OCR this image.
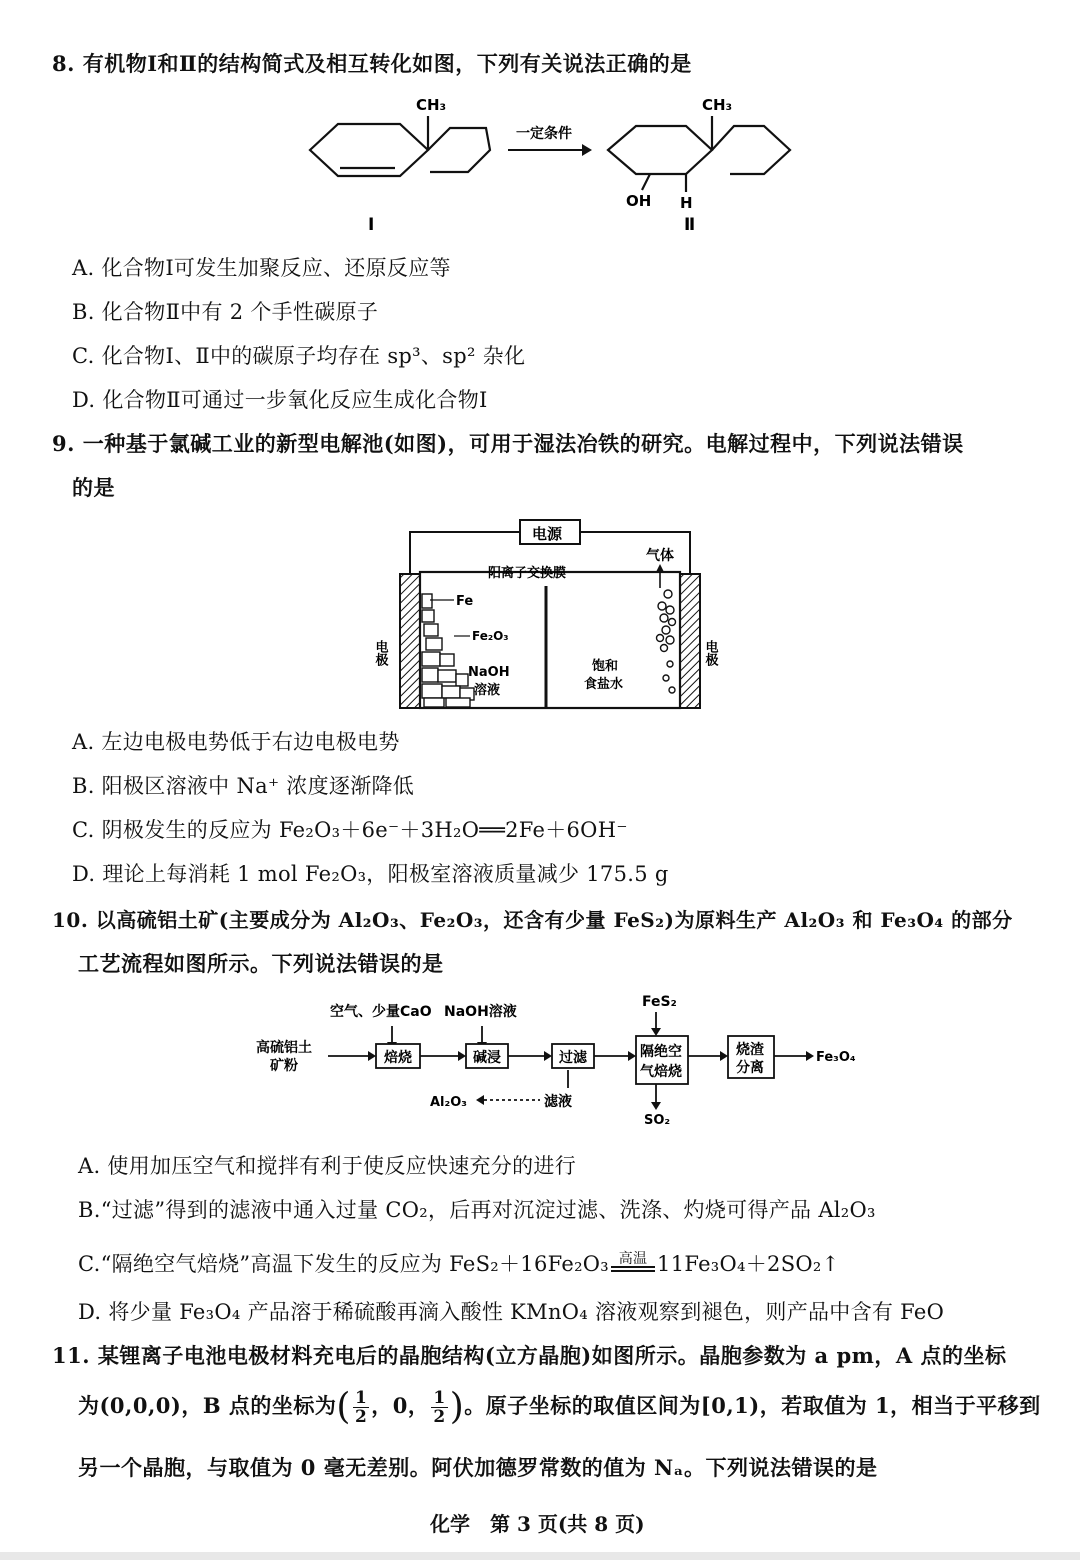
8. 有机物Ⅰ和Ⅱ的结构简式及相互转化如图，下列有关说法正确的是
CH₃
一定条件
CH₃
OH H
Ⅰ	Ⅱ
A. 化合物Ⅰ可发生加聚反应、还原反应等
B. 化合物Ⅱ中有 2 个手性碳原子
C. 化合物Ⅰ、Ⅱ中的碳原子均存在 sp³、sp² 杂化
D. 化合物Ⅱ可通过一步氧化反应生成化合物Ⅰ
9. 一种基于氯碱工业的新型电解池(如图)，可用于湿法冶铁的研究。电解过程中，下列说法错误
的是
电源
阳离子交换膜
气体
Fe
Fe₂O₃
NaOH
溶液
饱和
食盐水
电极	电极
A. 左边电极电势低于右边电极电势
B. 阳极区溶液中 Na⁺ 浓度逐渐降低
C. 阴极发生的反应为 Fe₂O₃＋6e⁻＋3H₂O══2Fe＋6OH⁻
D. 理论上每消耗 1 mol Fe₂O₃，阳极室溶液质量减少 175.5 g
10. 以高硫铝土矿(主要成分为 Al₂O₃、Fe₂O₃，还含有少量 FeS₂)为原料生产 Al₂O₃ 和 Fe₃O₄ 的部分
工艺流程如图所示。下列说法错误的是
高硫铝土
矿粉
空气、少量CaO NaOH溶液
FeS₂
焙烧	碱浸	过滤	隔绝空
气焙烧
烧渣
分离
Fe₃O₄
SO₂
滤液
Al₂O₃
A. 使用加压空气和搅拌有利于使反应快速充分的进行
B.“过滤”得到的滤液中通入过量 CO₂，后再对沉淀过滤、洗涤、灼烧可得产品 Al₂O₃
C.“隔绝空气焙烧”高温下发生的反应为 FeS₂＋16Fe₂O₃ 高温 11Fe₃O₄＋2SO₂↑
D. 将少量 Fe₃O₄ 产品溶于稀硫酸再滴入酸性 KMnO₄ 溶液观察到褪色，则产品中含有 FeO
11. 某锂离子电池电极材料充电后的晶胞结构(立方晶胞)如图所示。晶胞参数为 a pm，A 点的坐标
为(0,0,0)，B 点的坐标为( $\frac{1}{2}$ ，0， $\frac{1}{2}$ )。原子坐标的取值区间为[0,1)，若取值为 1，相当于平移到
另一个晶胞，与取值为 0 毫无差别。阿伏加德罗常数的值为 Nₐ。下列说法错误的是
化学　第 3 页(共 8 页)
